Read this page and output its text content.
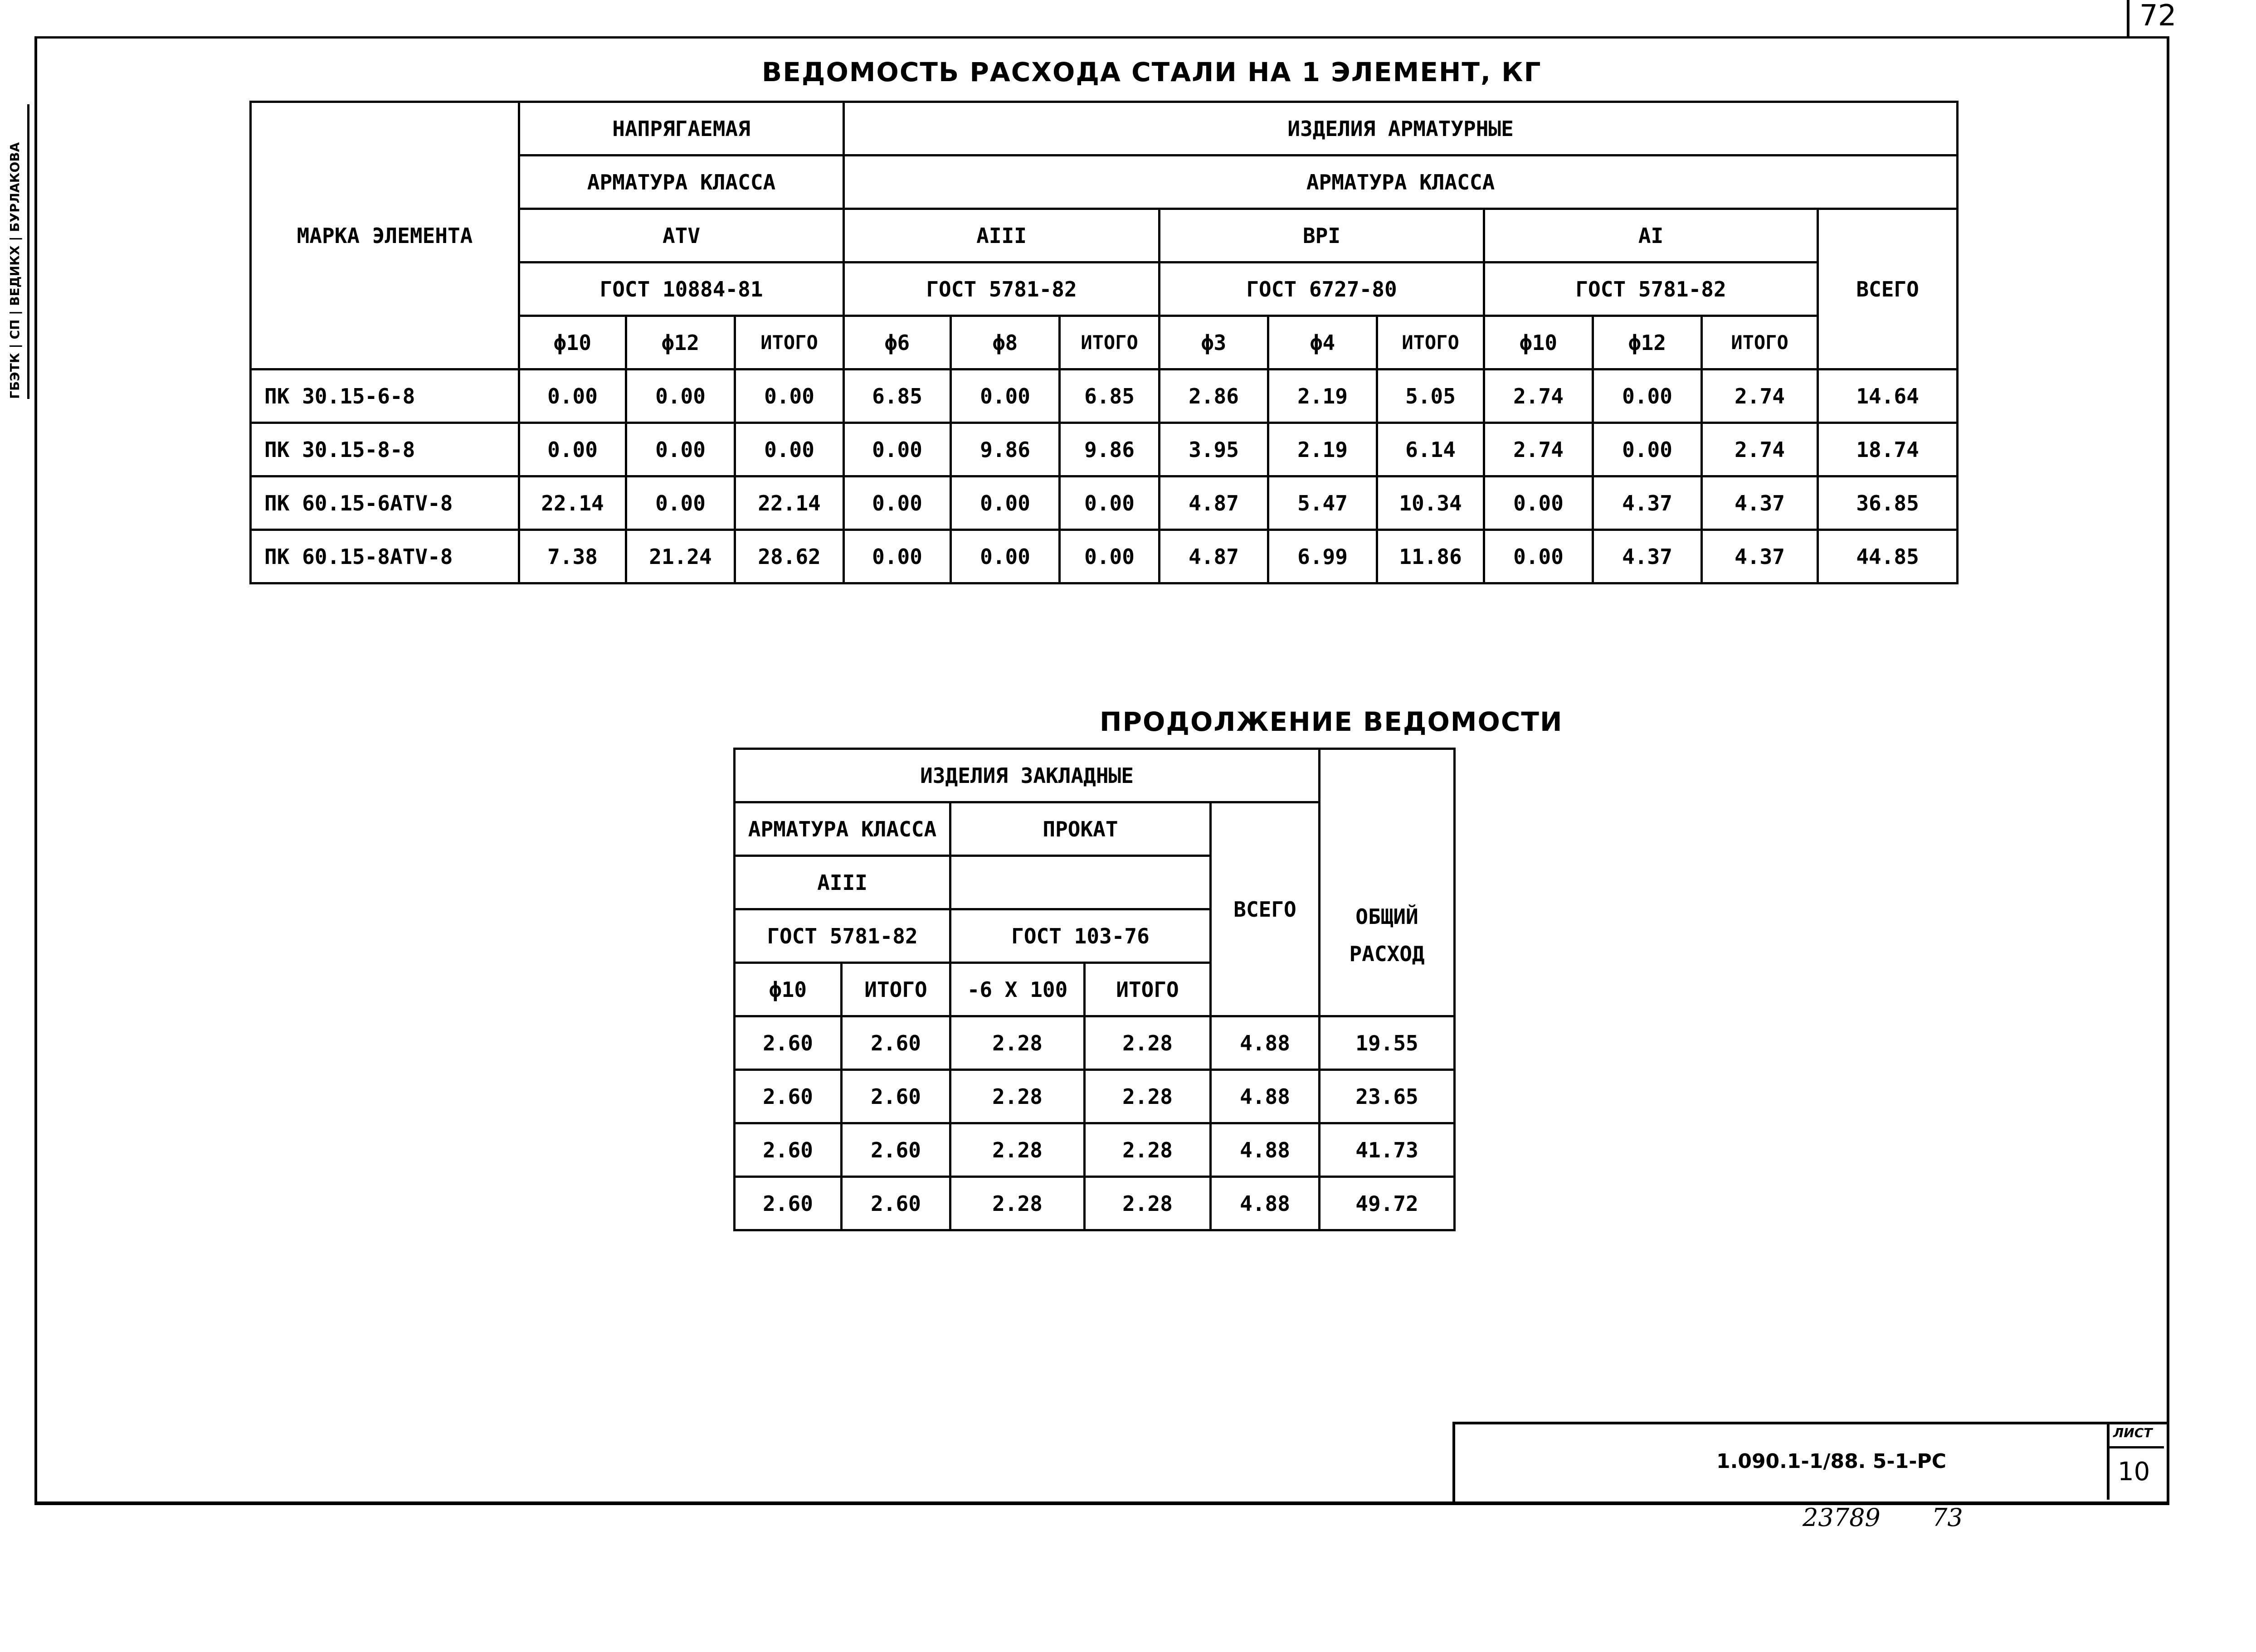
72
ГБЭТК | СП | ВЕДИКХ | БУРЛАКОВА
ВЕДОМОСТЬ РАСХОДА СТАЛИ НА 1 ЭЛЕМЕНТ, КГ
МАРКА ЭЛЕМЕНТА	НАПРЯГАЕМАЯ			ИЗДЕЛИЯ АРМАТУРНЫЕ									
	АРМАТУРА КЛАССА			АРМАТУРА КЛАССА									
	АТV			АIII			ВРI			АI			ВСЕГО
	ГОСТ 10884-81			ГОСТ 5781-82			ГОСТ 6727-80			ГОСТ 5781-82			
	ϕ10	ϕ12	ИТОГО	ϕ6	ϕ8	ИТОГО	ϕ3	ϕ4	ИТОГО	ϕ10	ϕ12	ИТОГО	
ПК 30.15-6-8	0.00	0.00	0.00	6.85	0.00	6.85	2.86	2.19	5.05	2.74	0.00	2.74	14.64
ПК 30.15-8-8	0.00	0.00	0.00	0.00	9.86	9.86	3.95	2.19	6.14	2.74	0.00	2.74	18.74
ПК 60.15-6АТV-8	22.14	0.00	22.14	0.00	0.00	0.00	4.87	5.47	10.34	0.00	4.37	4.37	36.85
ПК 60.15-8АТV-8	7.38	21.24	28.62	0.00	0.00	0.00	4.87	6.99	11.86	0.00	4.37	4.37	44.85
ПРОДОЛЖЕНИЕ ВЕДОМОСТИ
ИЗДЕЛИЯ ЗАКЛАДНЫЕ					
АРМАТУРА КЛАССА		ПРОКАТ		ВСЕГО	
АIII					ОБЩИЙ
РАСХОД

ГОСТ 5781-82		ГОСТ 103-76			
ϕ10	ИТОГО	-6 X 100	ИТОГО		
2.60	2.60	2.28	2.28	4.88	19.55
2.60	2.60	2.28	2.28	4.88	23.65
2.60	2.60	2.28	2.28	4.88	41.73
2.60	2.60	2.28	2.28	4.88	49.72
1.090.1-1/88. 5-1-РС
ЛИСТ
10
23789 73
